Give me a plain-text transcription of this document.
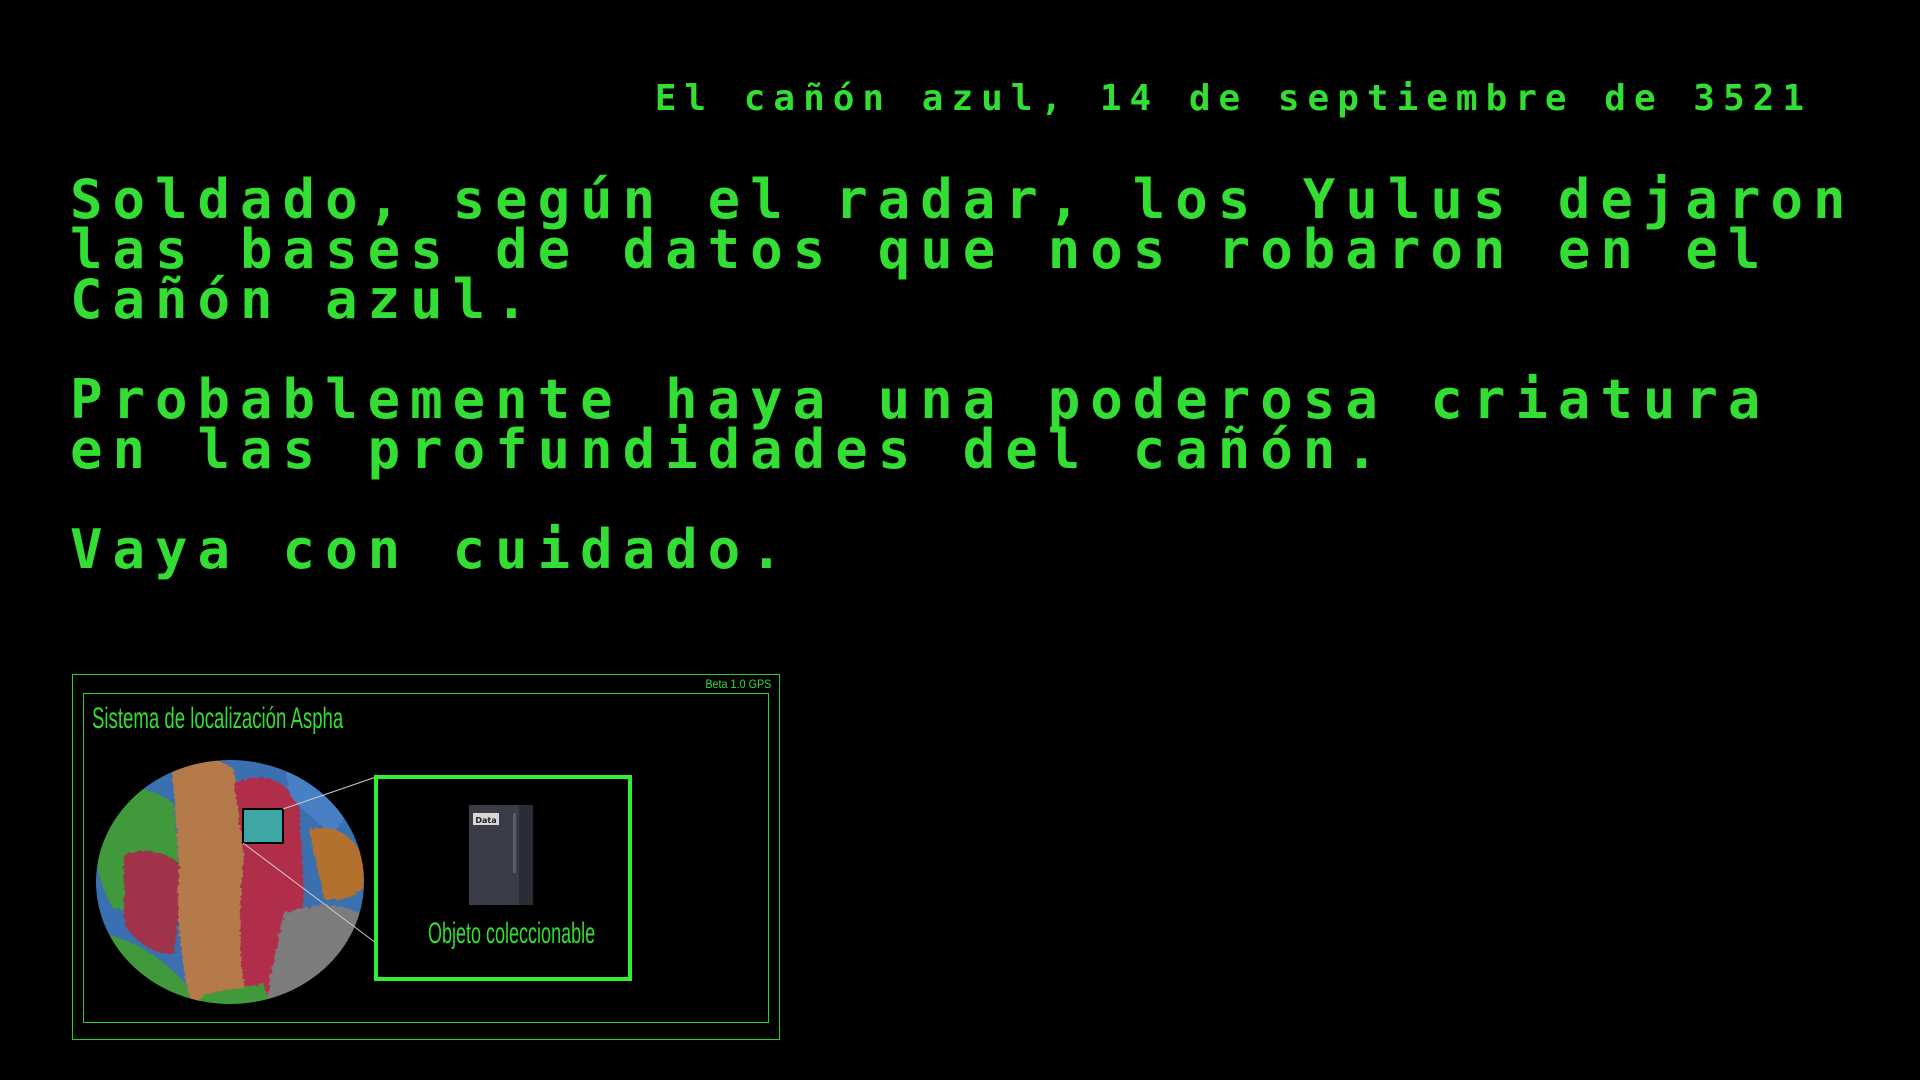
El cañón azul, 14 de septiembre de 3521

Soldado, según el radar, los Yulus dejaron
las bases de datos que nos robaron en el
Cañón azul.

Probablemente haya una poderosa criatura
en las profundidades del cañón.

Vaya con cuidado.

Beta 1.0 GPS
Sistema de localización Aspha
Data
Objeto coleccionable
